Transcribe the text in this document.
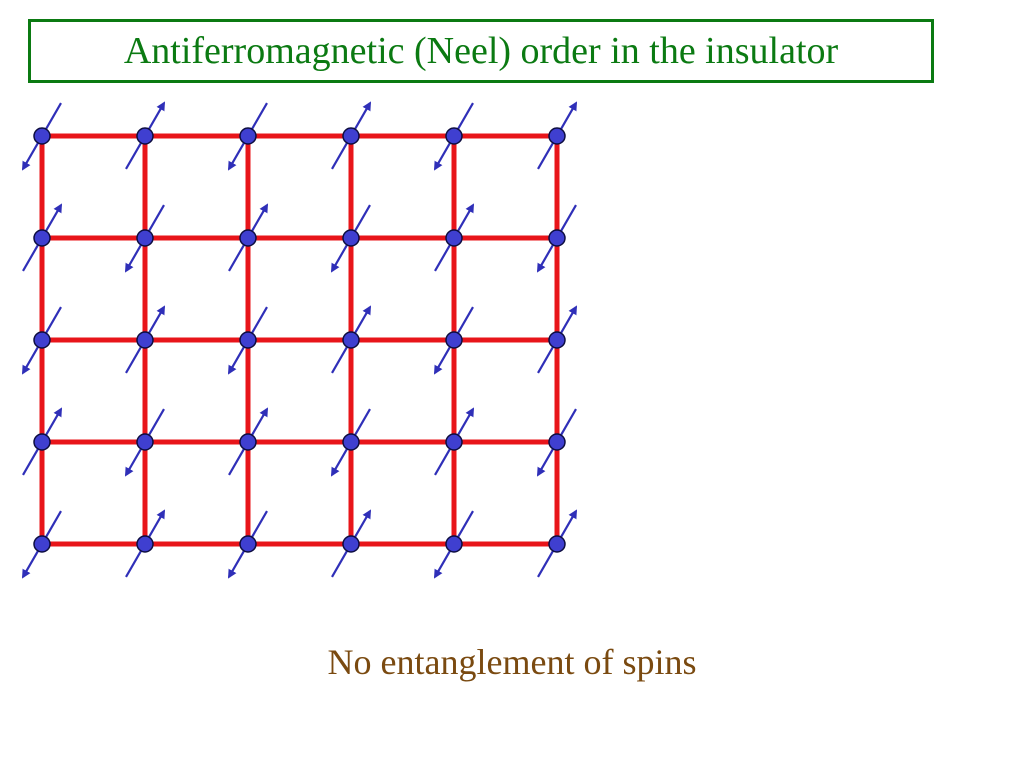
Antiferromagnetic (Neel) order in the insulator
No entanglement of spins
